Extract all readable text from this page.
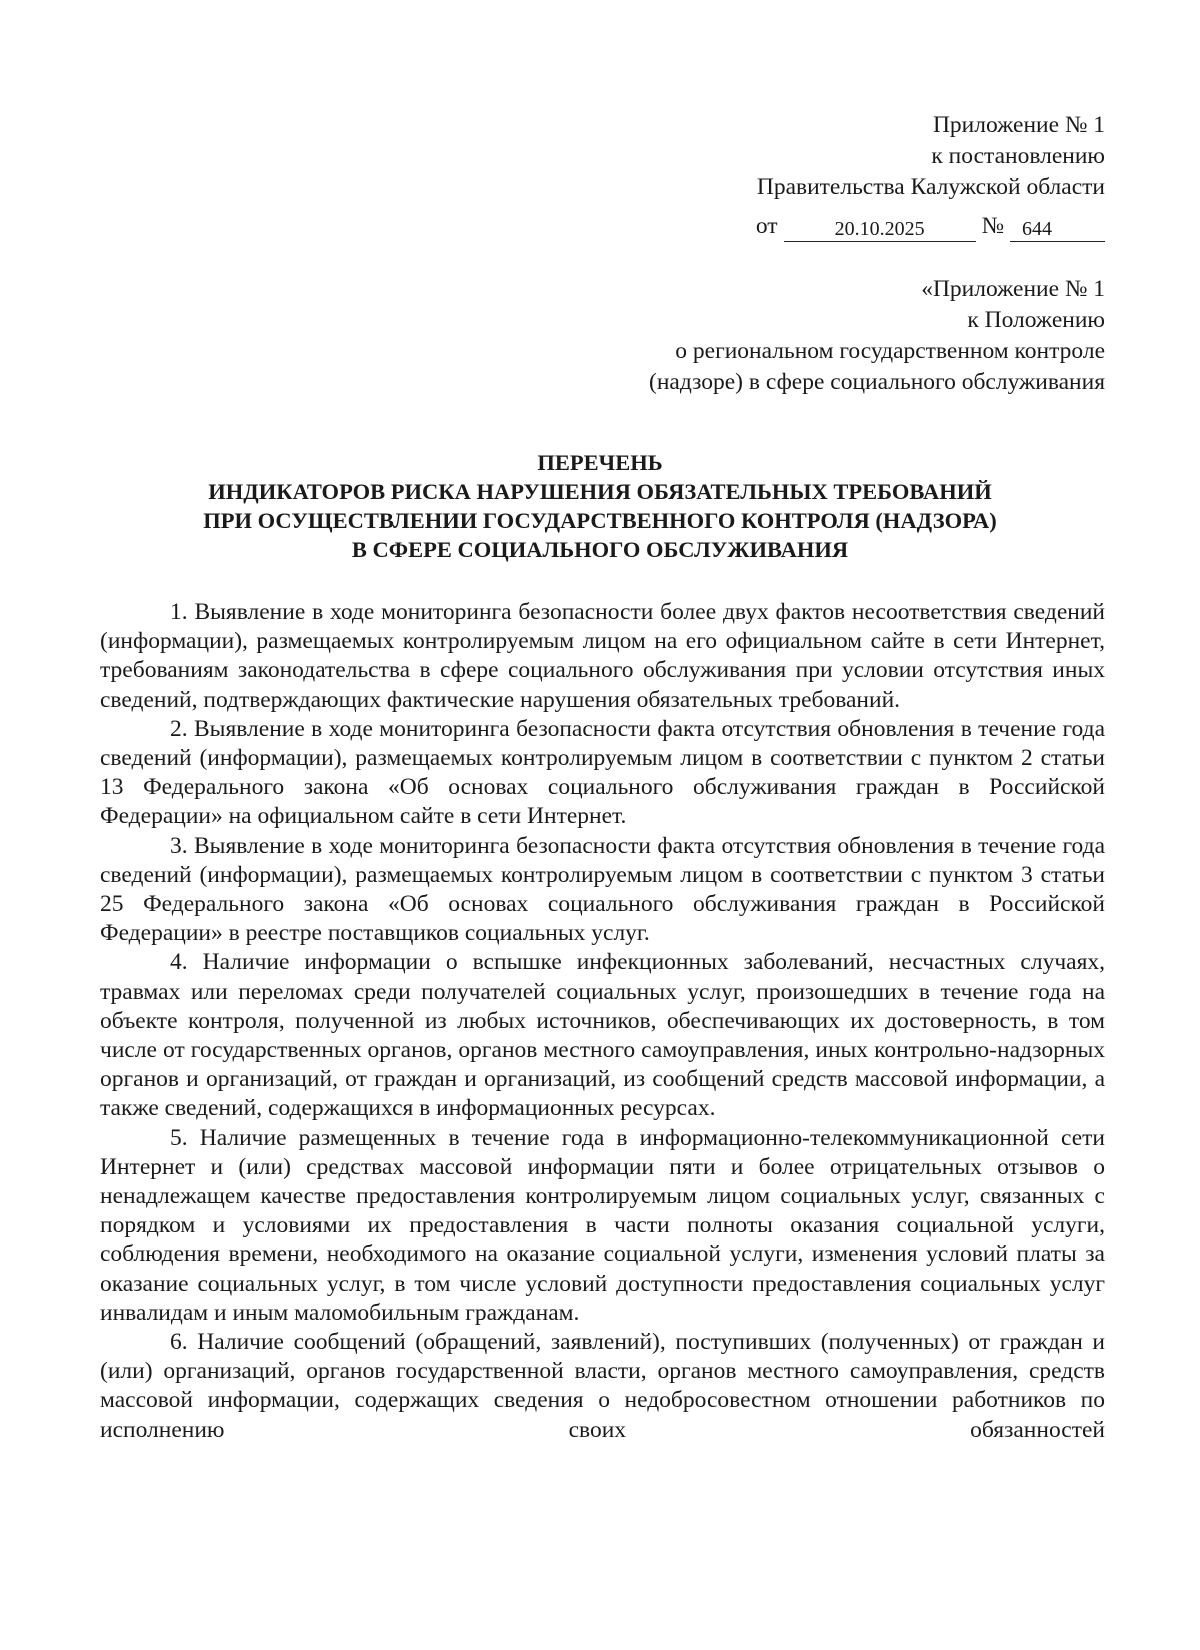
Приложение № 1
к постановлению
Правительства Калужской области
от	20.10.2025	№ 644
«Приложение № 1
к Положению
о региональном государственном контроле
(надзоре) в сфере социального обслуживания
ПЕРЕЧЕНЬ
ИНДИКАТОРОВ РИСКА НАРУШЕНИЯ ОБЯЗАТЕЛЬНЫХ ТРЕБОВАНИЙ
ПРИ ОСУЩЕСТВЛЕНИИ ГОСУДАРСТВЕННОГО КОНТРОЛЯ (НАДЗОРА)
В СФЕРЕ СОЦИАЛЬНОГО ОБСЛУЖИВАНИЯ

1. Выявление в ходе мониторинга безопасности более двух фактов несоответствия сведений (информации), размещаемых контролируемым лицом на его официальном сайте в сети Интернет, требованиям законодательства в сфере социального обслуживания при условии отсутствия иных сведений, подтверждающих фактические нарушения обязательных требований.

2. Выявление в ходе мониторинга безопасности факта отсутствия обновления в течение года сведений (информации), размещаемых контролируемым лицом в соответствии с пунктом 2 статьи 13 Федерального закона «Об основах социального обслуживания граждан в Российской Федерации» на официальном сайте в сети Интернет.

3. Выявление в ходе мониторинга безопасности факта отсутствия обновления в течение года сведений (информации), размещаемых контролируемым лицом в соответствии с пунктом 3 статьи 25 Федерального закона «Об основах социального обслуживания граждан в Российской Федерации» в реестре поставщиков социальных услуг.

4. Наличие информации о вспышке инфекционных заболеваний, несчастных случаях, травмах или переломах среди получателей социальных услуг, произошедших в течение года на объекте контроля, полученной из любых источников, обеспечивающих их достоверность, в том числе от государственных органов, органов местного самоуправления, иных контрольно-надзорных органов и организаций, от граждан и организаций, из сообщений средств массовой информации, а также сведений, содержащихся в информационных ресурсах.

5. Наличие размещенных в течение года в информационно-телекоммуникационной сети Интернет и (или) средствах массовой информации пяти и более отрицательных отзывов о ненадлежащем качестве предоставления контролируемым лицом социальных услуг, связанных с порядком и условиями их предоставления в части полноты оказания социальной услуги, соблюдения времени, необходимого на оказание социальной услуги, изменения условий платы за оказание социальных услуг, в том числе условий доступности предоставления социальных услуг инвалидам и иным маломобильным гражданам.

6. Наличие сообщений (обращений, заявлений), поступивших (полученных) от граждан и (или) организаций, органов государственной власти, органов местного самоуправления, средств массовой информации, содержащих сведения о недобросовестном отношении работников по исполнению своих обязанностей
